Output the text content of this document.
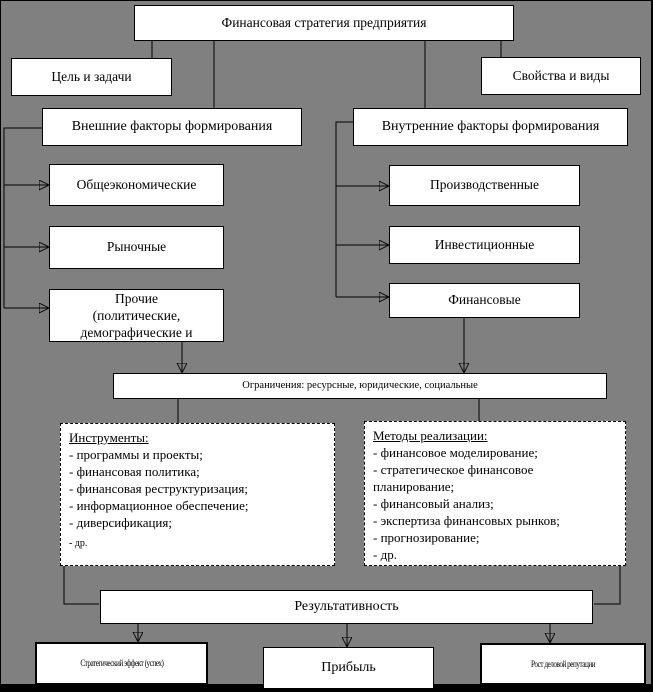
Финансовая стратегия предприятия
Цель и задачи	Свойства и виды
Внешние факторы формирования	Внутренние факторы формирования
Общеэкономические
Рыночные
Прочие
(политические,
демографические и
Производственные
Инвестиционные
Финансовые
Ограничения: ресурсные, юридические, социальные
Инструменты:
- программы и проекты;
- финансовая политика;
- финансовая реструктуризация;
- информационное обеспечение;
- диверсификация;
- др.
Методы реализации:
- финансовое моделирование;
- стратегическое финансовое планирование;
- финансовый анализ;
- экспертиза финансовых рынков;
- прогнозирование;
- др.
Результативность
Стратегический эффект (успех)	Прибыль	Рост деловой репутации
